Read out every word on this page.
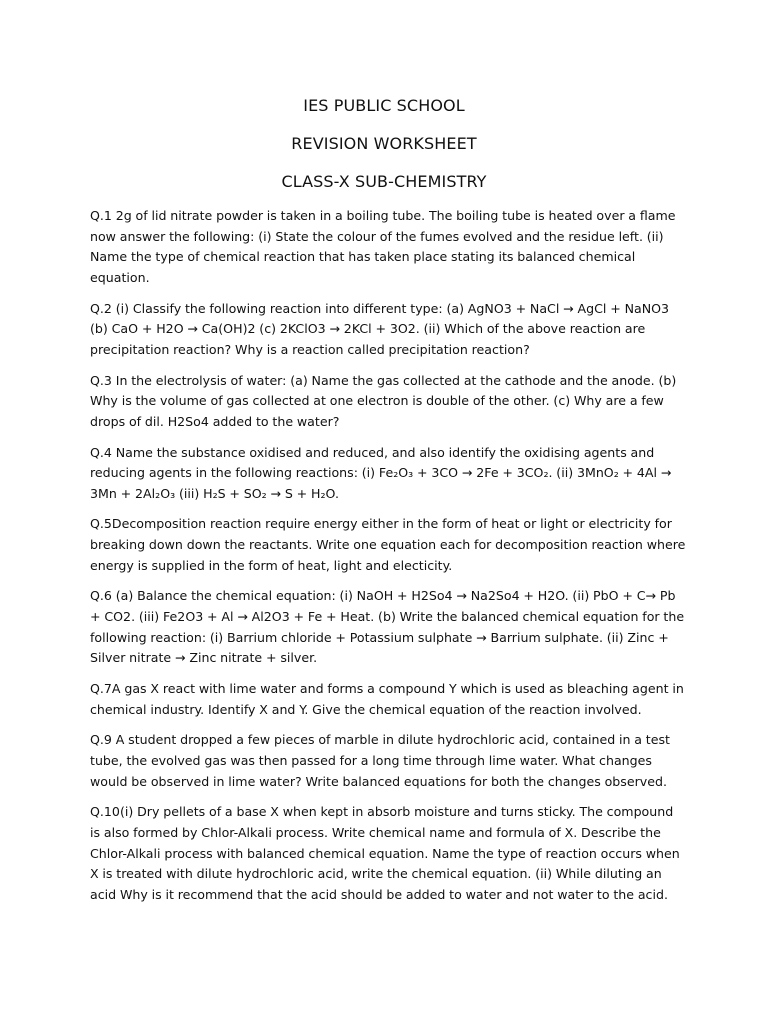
IES PUBLIC SCHOOL
REVISION WORKSHEET
CLASS-X SUB-CHEMISTRY

Q.1 2g of lid nitrate powder is taken in a boiling tube. The boiling tube is heated over a flame now answer the following: (i) State the colour of the fumes evolved and the residue left. (ii) Name the type of chemical reaction that has taken place stating its balanced chemical equation.

Q.2 (i) Classify the following reaction into different type: (a) AgNO3 + NaCl → AgCl + NaNO3 (b) CaO + H2O → Ca(OH)2 (c) 2KClO3 → 2KCl + 3O2. (ii) Which of the above reaction are precipitation reaction? Why is a reaction called precipitation reaction?

Q.3 In the electrolysis of water: (a) Name the gas collected at the cathode and the anode. (b) Why is the volume of gas collected at one electron is double of the other. (c) Why are a few drops of dil. H2So4 added to the water?

Q.4 Name the substance oxidised and reduced, and also identify the oxidising agents and reducing agents in the following reactions: (i) Fe₂O₃ + 3CO → 2Fe + 3CO₂. (ii) 3MnO₂ + 4Al → 3Mn + 2Al₂O₃ (iii) H₂S + SO₂ → S + H₂O.

Q.5Decomposition reaction require energy either in the form of heat or light or electricity for breaking down down the reactants. Write one equation each for decomposition reaction where energy is supplied in the form of heat, light and electicity.

Q.6 (a) Balance the chemical equation: (i) NaOH + H2So4 → Na2So4 + H2O. (ii) PbO + C→ Pb + CO2. (iii) Fe2O3 + Al → Al2O3 + Fe + Heat. (b) Write the balanced chemical equation for the following reaction: (i) Barrium chloride + Potassium sulphate → Barrium sulphate. (ii) Zinc + Silver nitrate → Zinc nitrate + silver.

Q.7A gas X react with lime water and forms a compound Y which is used as bleaching agent in chemical industry. Identify X and Y. Give the chemical equation of the reaction involved.

Q.9 A student dropped a few pieces of marble in dilute hydrochloric acid, contained in a test tube, the evolved gas was then passed for a long time through lime water. What changes would be observed in lime water? Write balanced equations for both the changes observed.

Q.10(i) Dry pellets of a base X when kept in absorb moisture and turns sticky. The compound is also formed by Chlor-Alkali process. Write chemical name and formula of X. Describe the Chlor-Alkali process with balanced chemical equation. Name the type of reaction occurs when X is treated with dilute hydrochloric acid, write the chemical equation. (ii) While diluting an acid Why is it recommend that the acid should be added to water and not water to the acid.
